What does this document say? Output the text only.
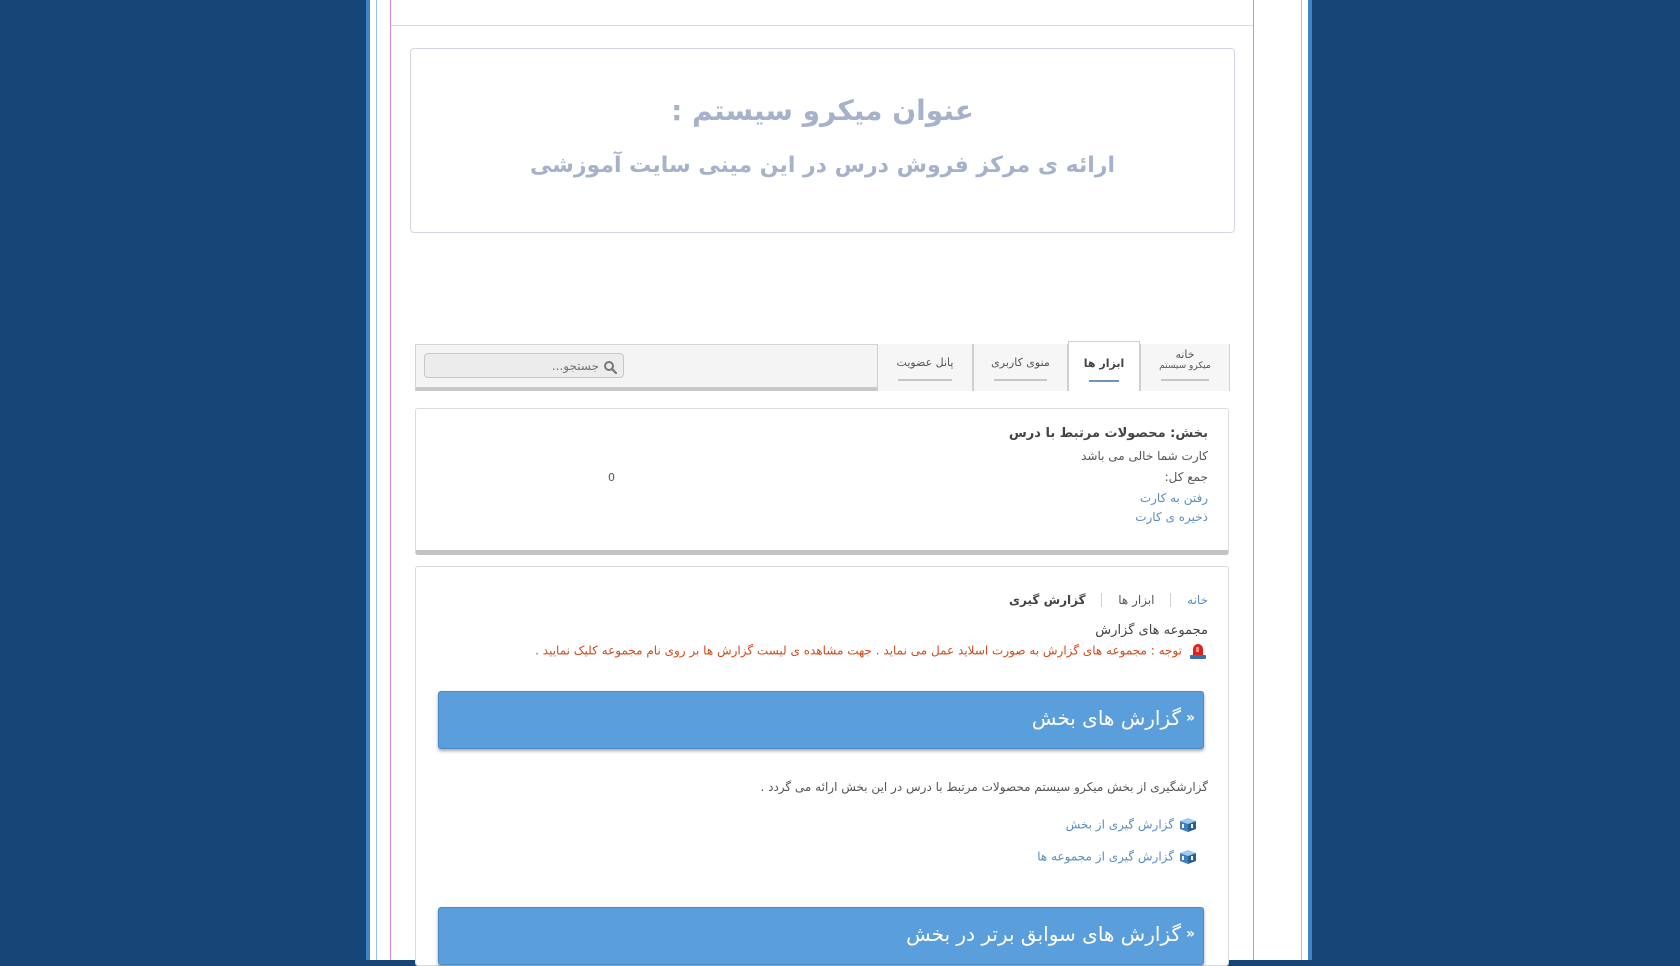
عنوان میکرو سیستم :
ارائه ی مرکز فروش درس در این مینی سایت آموزشی
خانه
میکرو سیستم
ابزار ها
منوی کاربری
پانل عضویت
جستجو...
بخش: محصولات مرتبط با درس
کارت شما خالی می باشد
جمع کل:
0
رفتن به کارت
ذخیره ی کارت
خانه  ابزار ها  گزارش گیری
مجموعه های گزارش
توجه : مجموعه های گزارش به صورت اسلاید عمل می نماید . جهت مشاهده ی لیست گزارش ها بر روی نام مجموعه کلیک نمایید .
«
گزارش های بخش
گزارشگیری از بخش میکرو سیستم محصولات مرتبط با درس در این بخش ارائه می گردد .
گزارش گیری از بخش
گزارش گیری از مجموعه ها
«
گزارش های سوابق برتر در بخش
